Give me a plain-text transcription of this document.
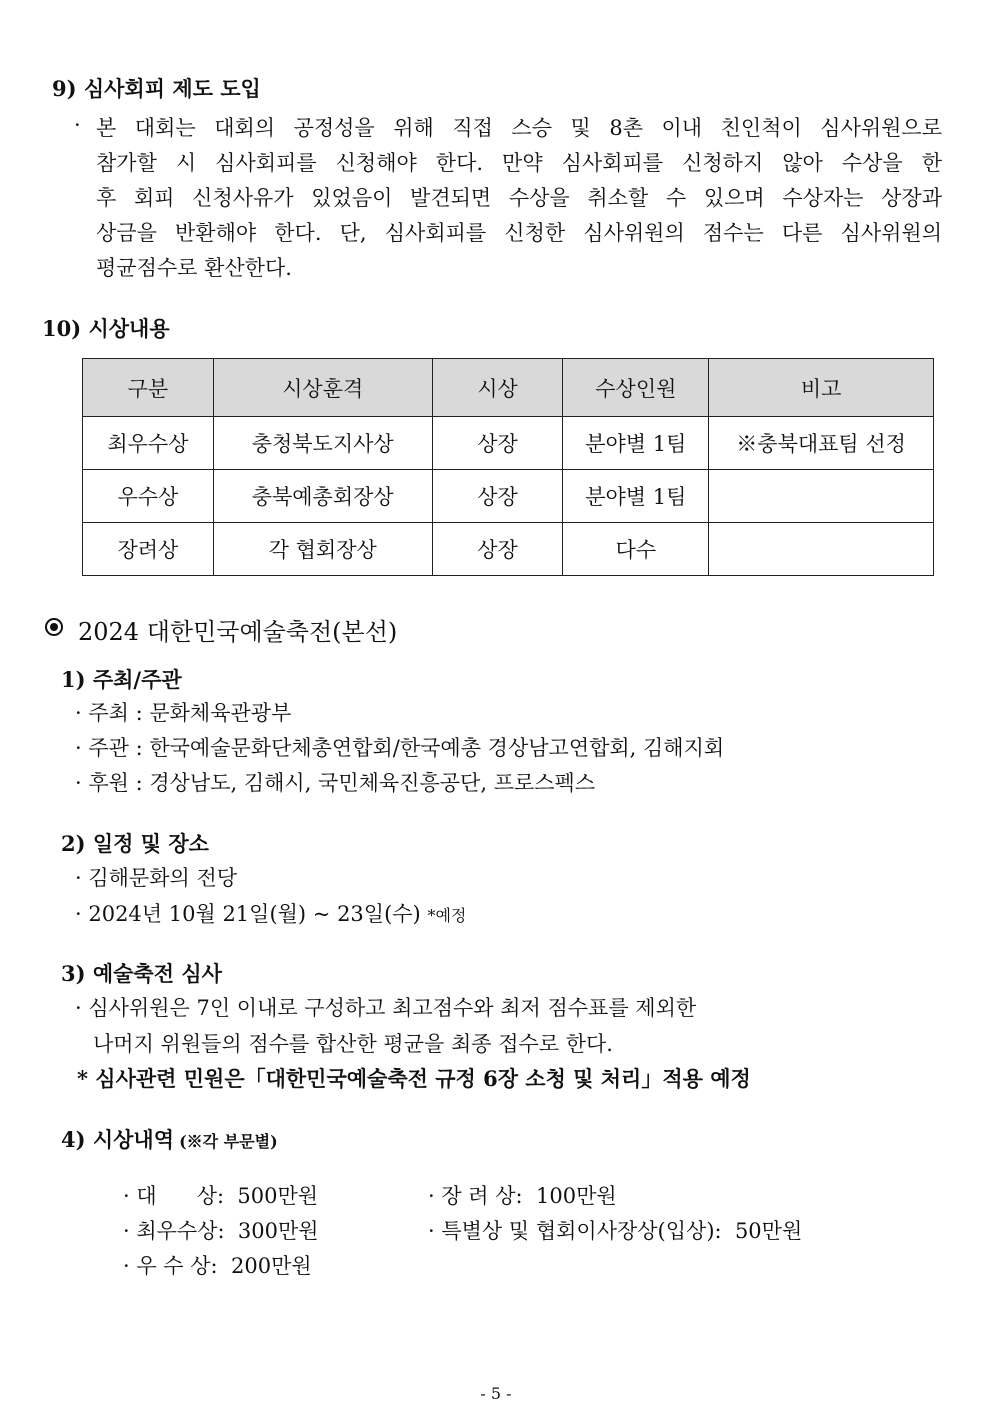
9) 심사회피 제도 도입
· 본 대회는 대회의 공정성을 위해 직접 스승 및 8촌 이내 친인척이 심사위원으로
참가할 시 심사회피를 신청해야 한다. 만약 심사회피를 신청하지 않아 수상을 한
후 회피 신청사유가 있었음이 발견되면 수상을 취소할 수 있으며 수상자는 상장과
상금을 반환해야 한다. 단, 심사회피를 신청한 심사위원의 점수는 다른 심사위원의
평균점수로 환산한다.
10) 시상내용
구분	시상훈격	시상	수상인원	비고
최우수상	충청북도지사상	상장	분야별 1팀	※충북대표팀 선정
우수상	충북예총회장상	상장	분야별 1팀	
장려상	각 협회장상	상장	다수	
2024 대한민국예술축전(본선)
1) 주최/주관
· 주최 : 문화체육관광부
· 주관 : 한국예술문화단체총연합회/한국예총 경상남고연합회, 김해지회
· 후원 : 경상남도, 김해시, 국민체육진흥공단, 프로스펙스
2) 일정 및 장소
· 김해문화의 전당
· 2024년 10월 21일(월) ~ 23일(수) *예정
3) 예술축전 심사
· 심사위원은 7인 이내로 구성하고 최고점수와 최저 점수표를 제외한
나머지 위원들의 점수를 합산한 평균을 최종 접수로 한다.
* 심사관련 민원은「대한민국예술축전 규정 6장 소청 및 처리」적용 예정
4) 시상내역 (※각 부문별)
· 대      상:  500만원
· 최우수상:  300만원
· 우 수 상:  200만원
· 장 려 상:  100만원
· 특별상 및 협회이사장상(입상):  50만원
- 5 -
